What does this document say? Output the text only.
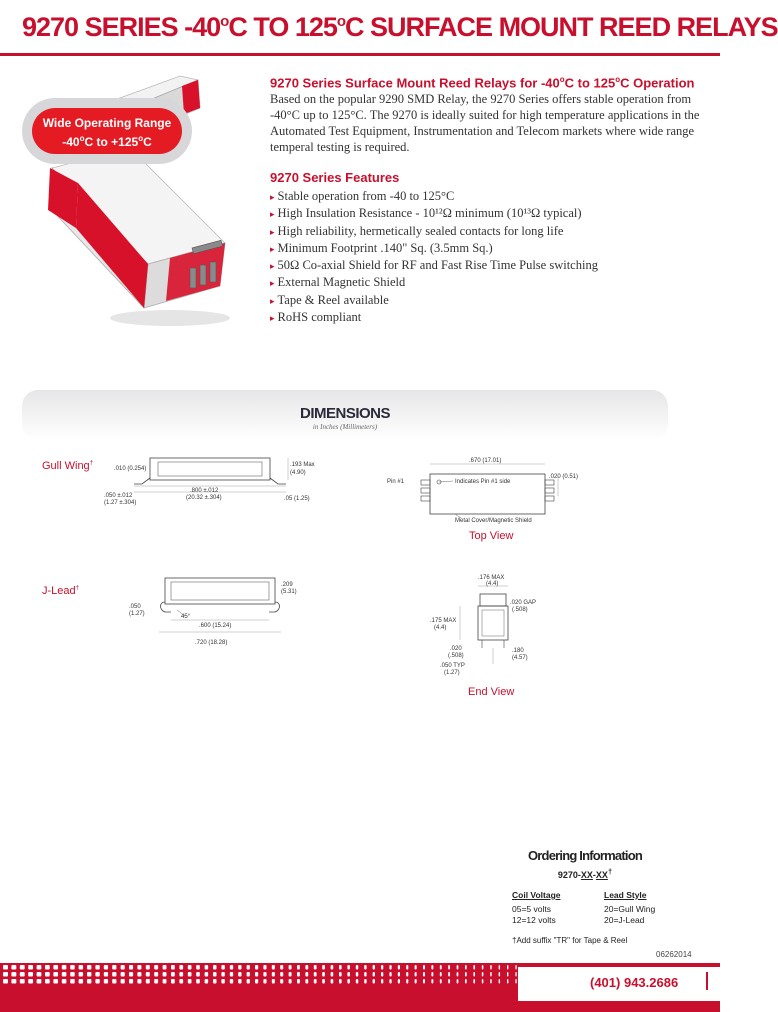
9270 SERIES -40$^o$C TO 125$^o$C SURFACE MOUNT REED RELAYS
Wide Operating Range
-40$^o$C to $+125^oC$
9270 Series Surface Mount Reed Relays for -40$^o$C to 125$^o$C Operation
Based on the popular 9290 SMD Relay, the 9270 Series offers stable operation from
-40°C up to 125°C. The 9270 is ideally suited for high temperature applications in the
Automated Test Equipment, Instrumentation and Telecom markets where wide range
temperal testing is required.
9270 Series Features
▸ Stable operation from -40 to 125°C
▸ High Insulation Resistance - 10¹²Ω minimum (10¹³Ω typical)
▸ High reliability, hermetically sealed contacts for long life
▸ Minimum Footprint .140" Sq. (3.5mm Sq.)
▸ 50Ω Co-axial Shield for RF and Fast Rise Time Pulse switching
▸ External Magnetic Shield
▸ Tape & Reel available
▸ RoHS compliant
DIMENSIONS
in Inches (Millimeters)
Gull Wing†
.010 (0.254)
.193 Max
(4.90)
.800 ±.012
(20.32 ±.304)
.050 ±.012
(1.27 ±.304)
.05 (1.25)
.670 (17.01)
.020 (0.51)
Pin #1	Indicates Pin #1 side
Metal Cover/Magnetic Shield
Top View
J-Lead†
.050
(1.27)
.600 (15.24)
.720 (18.28)
.209
(5.31)
45°
.176 MAX
(4.4)
.020 GAP
(.508)
.175 MAX
(4.4)
.020
(.508)
.180
(4.57)
.050 TYP
(1.27)
End View
Ordering Information
9270-XX-XX†
Coil Voltage
05=5 volts
12=12 volts
Lead Style
20=Gull Wing
20=J-Lead
†Add suffix "TR" for Tape & Reel
06262014
(401) 943.2686
